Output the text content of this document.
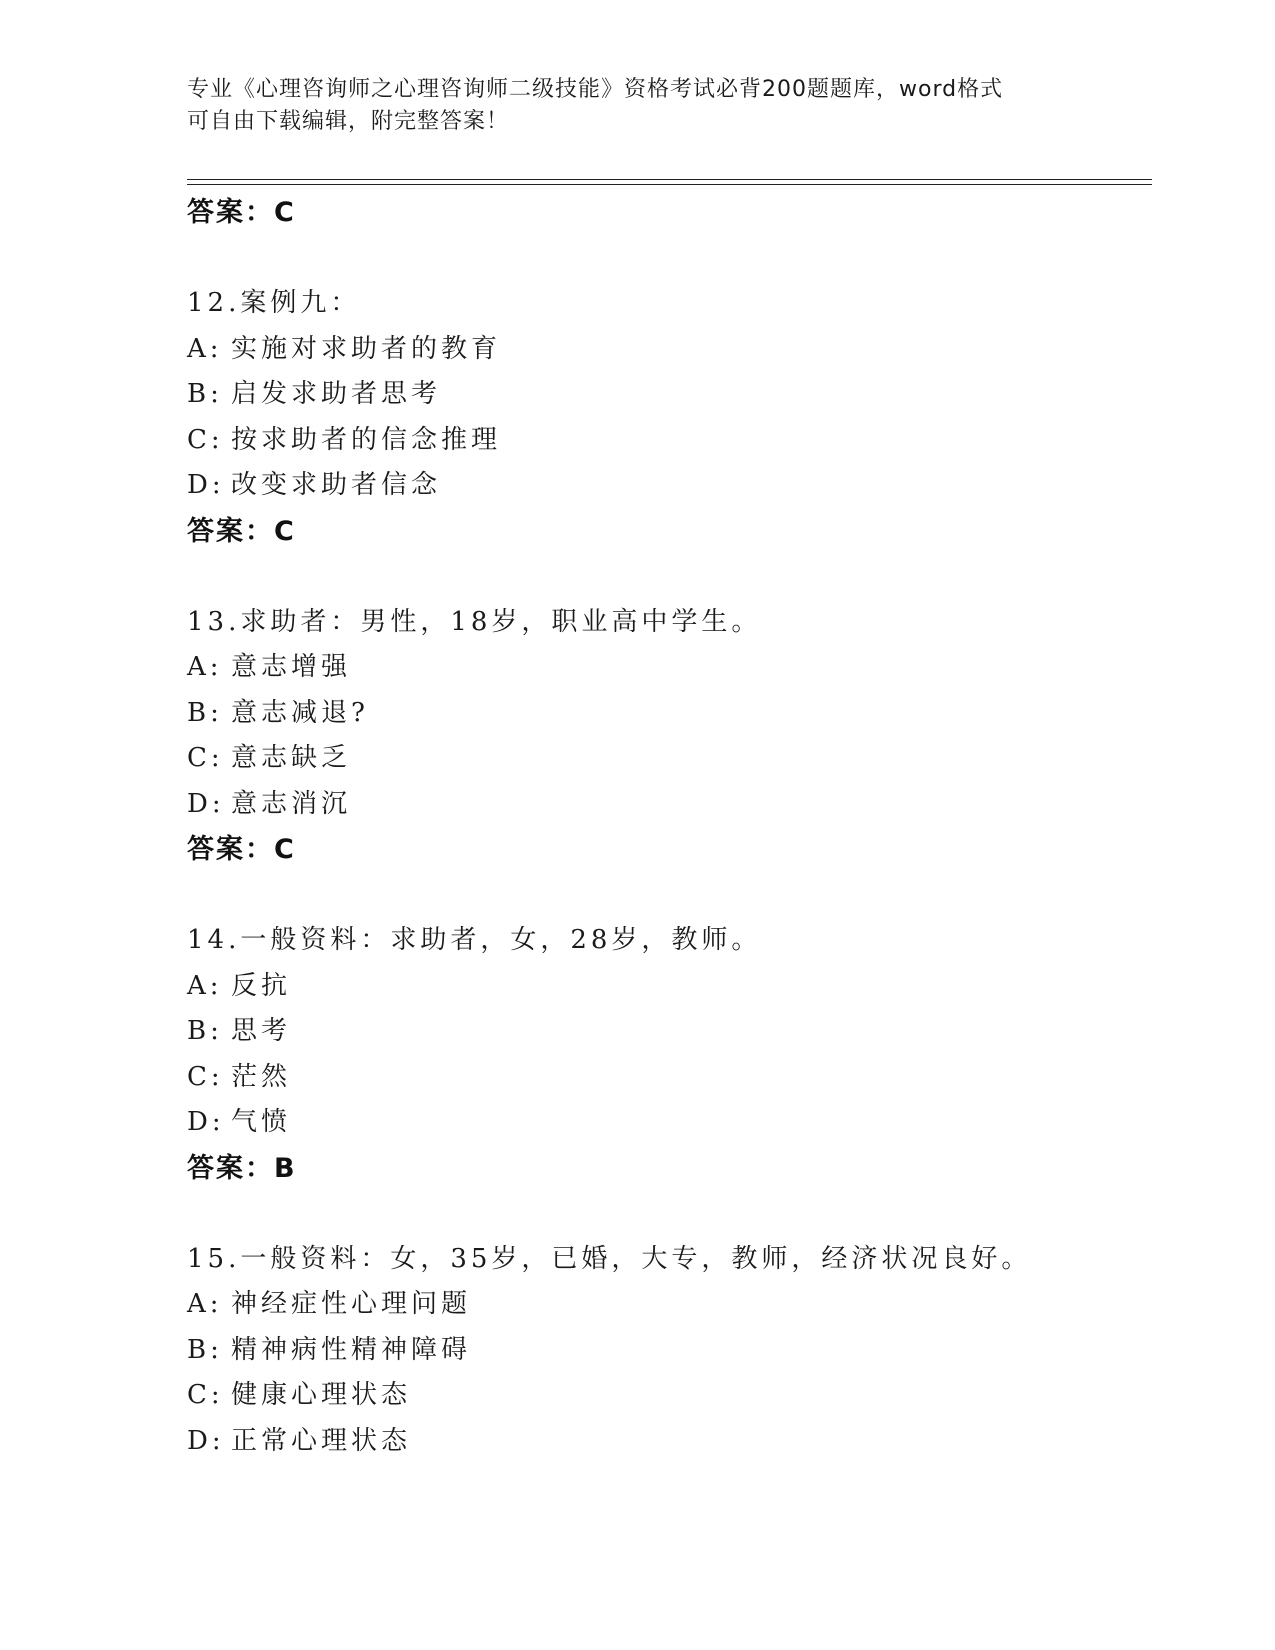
专业《心理咨询师之心理咨询师二级技能》资格考试必背200题题库，word格式
可自由下载编辑，附完整答案！
答案：C
12.案例九：
A: 实施对求助者的教育
B: 启发求助者思考
C: 按求助者的信念推理
D: 改变求助者信念
答案：C
13.求助者：男性，18岁，职业高中学生。
A: 意志增强
B: 意志减退?
C: 意志缺乏
D: 意志消沉
答案：C
14.一般资料：求助者，女，28岁，教师。
A: 反抗
B: 思考
C: 茫然
D: 气愤
答案：B
15.一般资料：女，35岁，已婚，大专，教师，经济状况良好。
A: 神经症性心理问题
B: 精神病性精神障碍
C: 健康心理状态
D: 正常心理状态
